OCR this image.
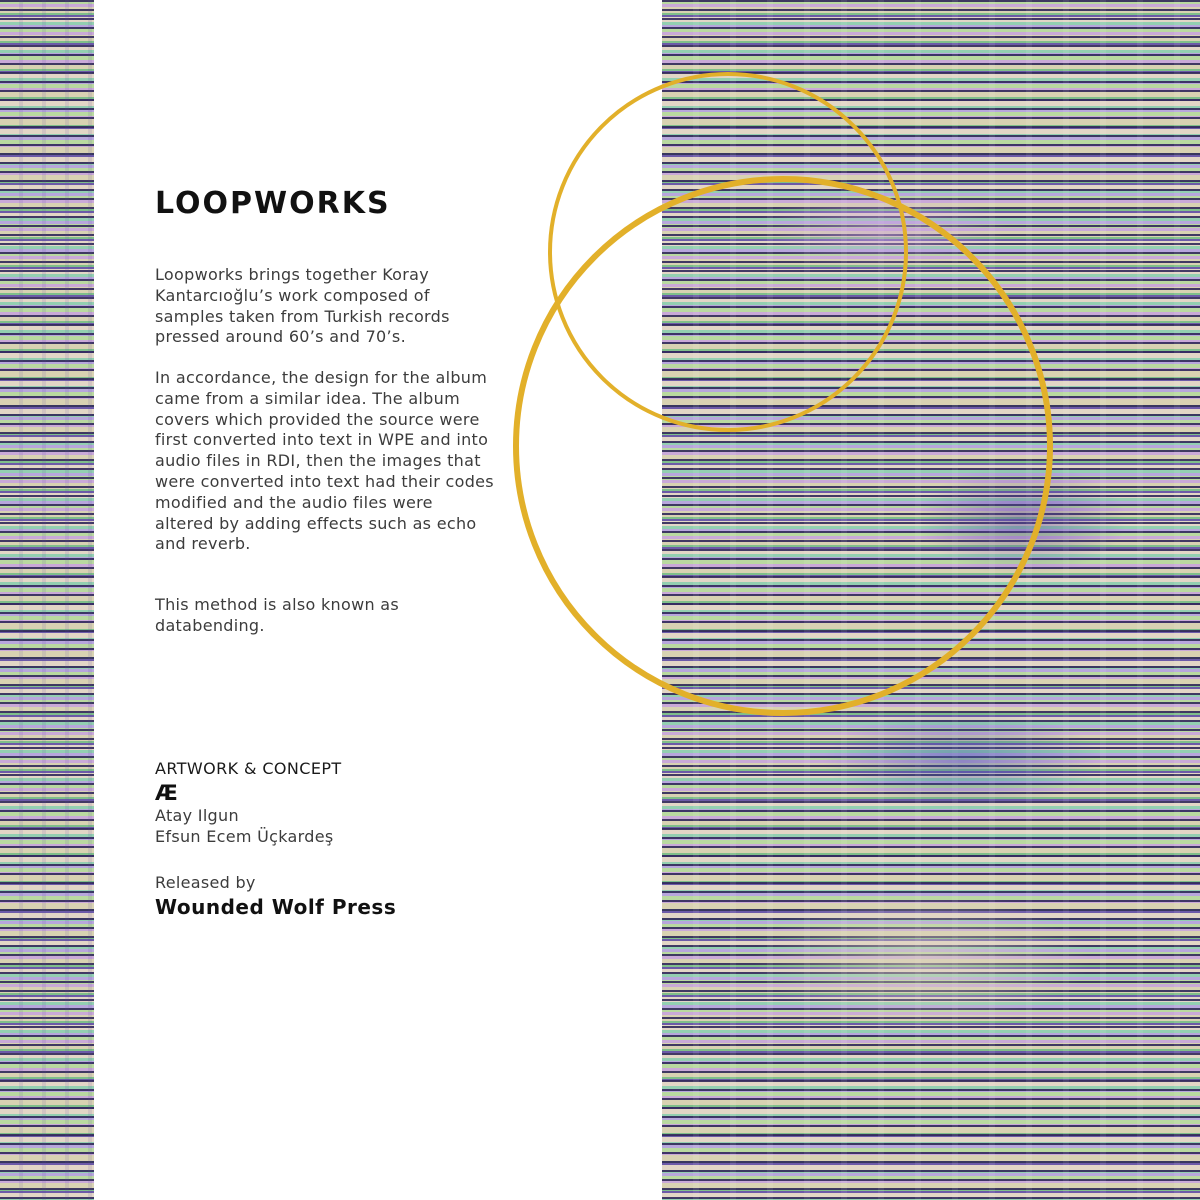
LOOPWORKS

Loopworks brings together Koray Kantarcıoğlu’s work composed of samples taken from Turkish records pressed around 60’s and 70’s.

In accordance, the design for the album came from a similar idea. The album covers which provided the source were first converted into text in WPE and into audio files in RDI, then the images that were converted into text had their codes modified and the audio files were altered by adding effects such as echo and reverb.

This method is also known as databending.

ARTWORK & CONCEPT
Æ
Atay Ilgun
Efsun Ecem Üçkardeş
Released by
Wounded Wolf Press
